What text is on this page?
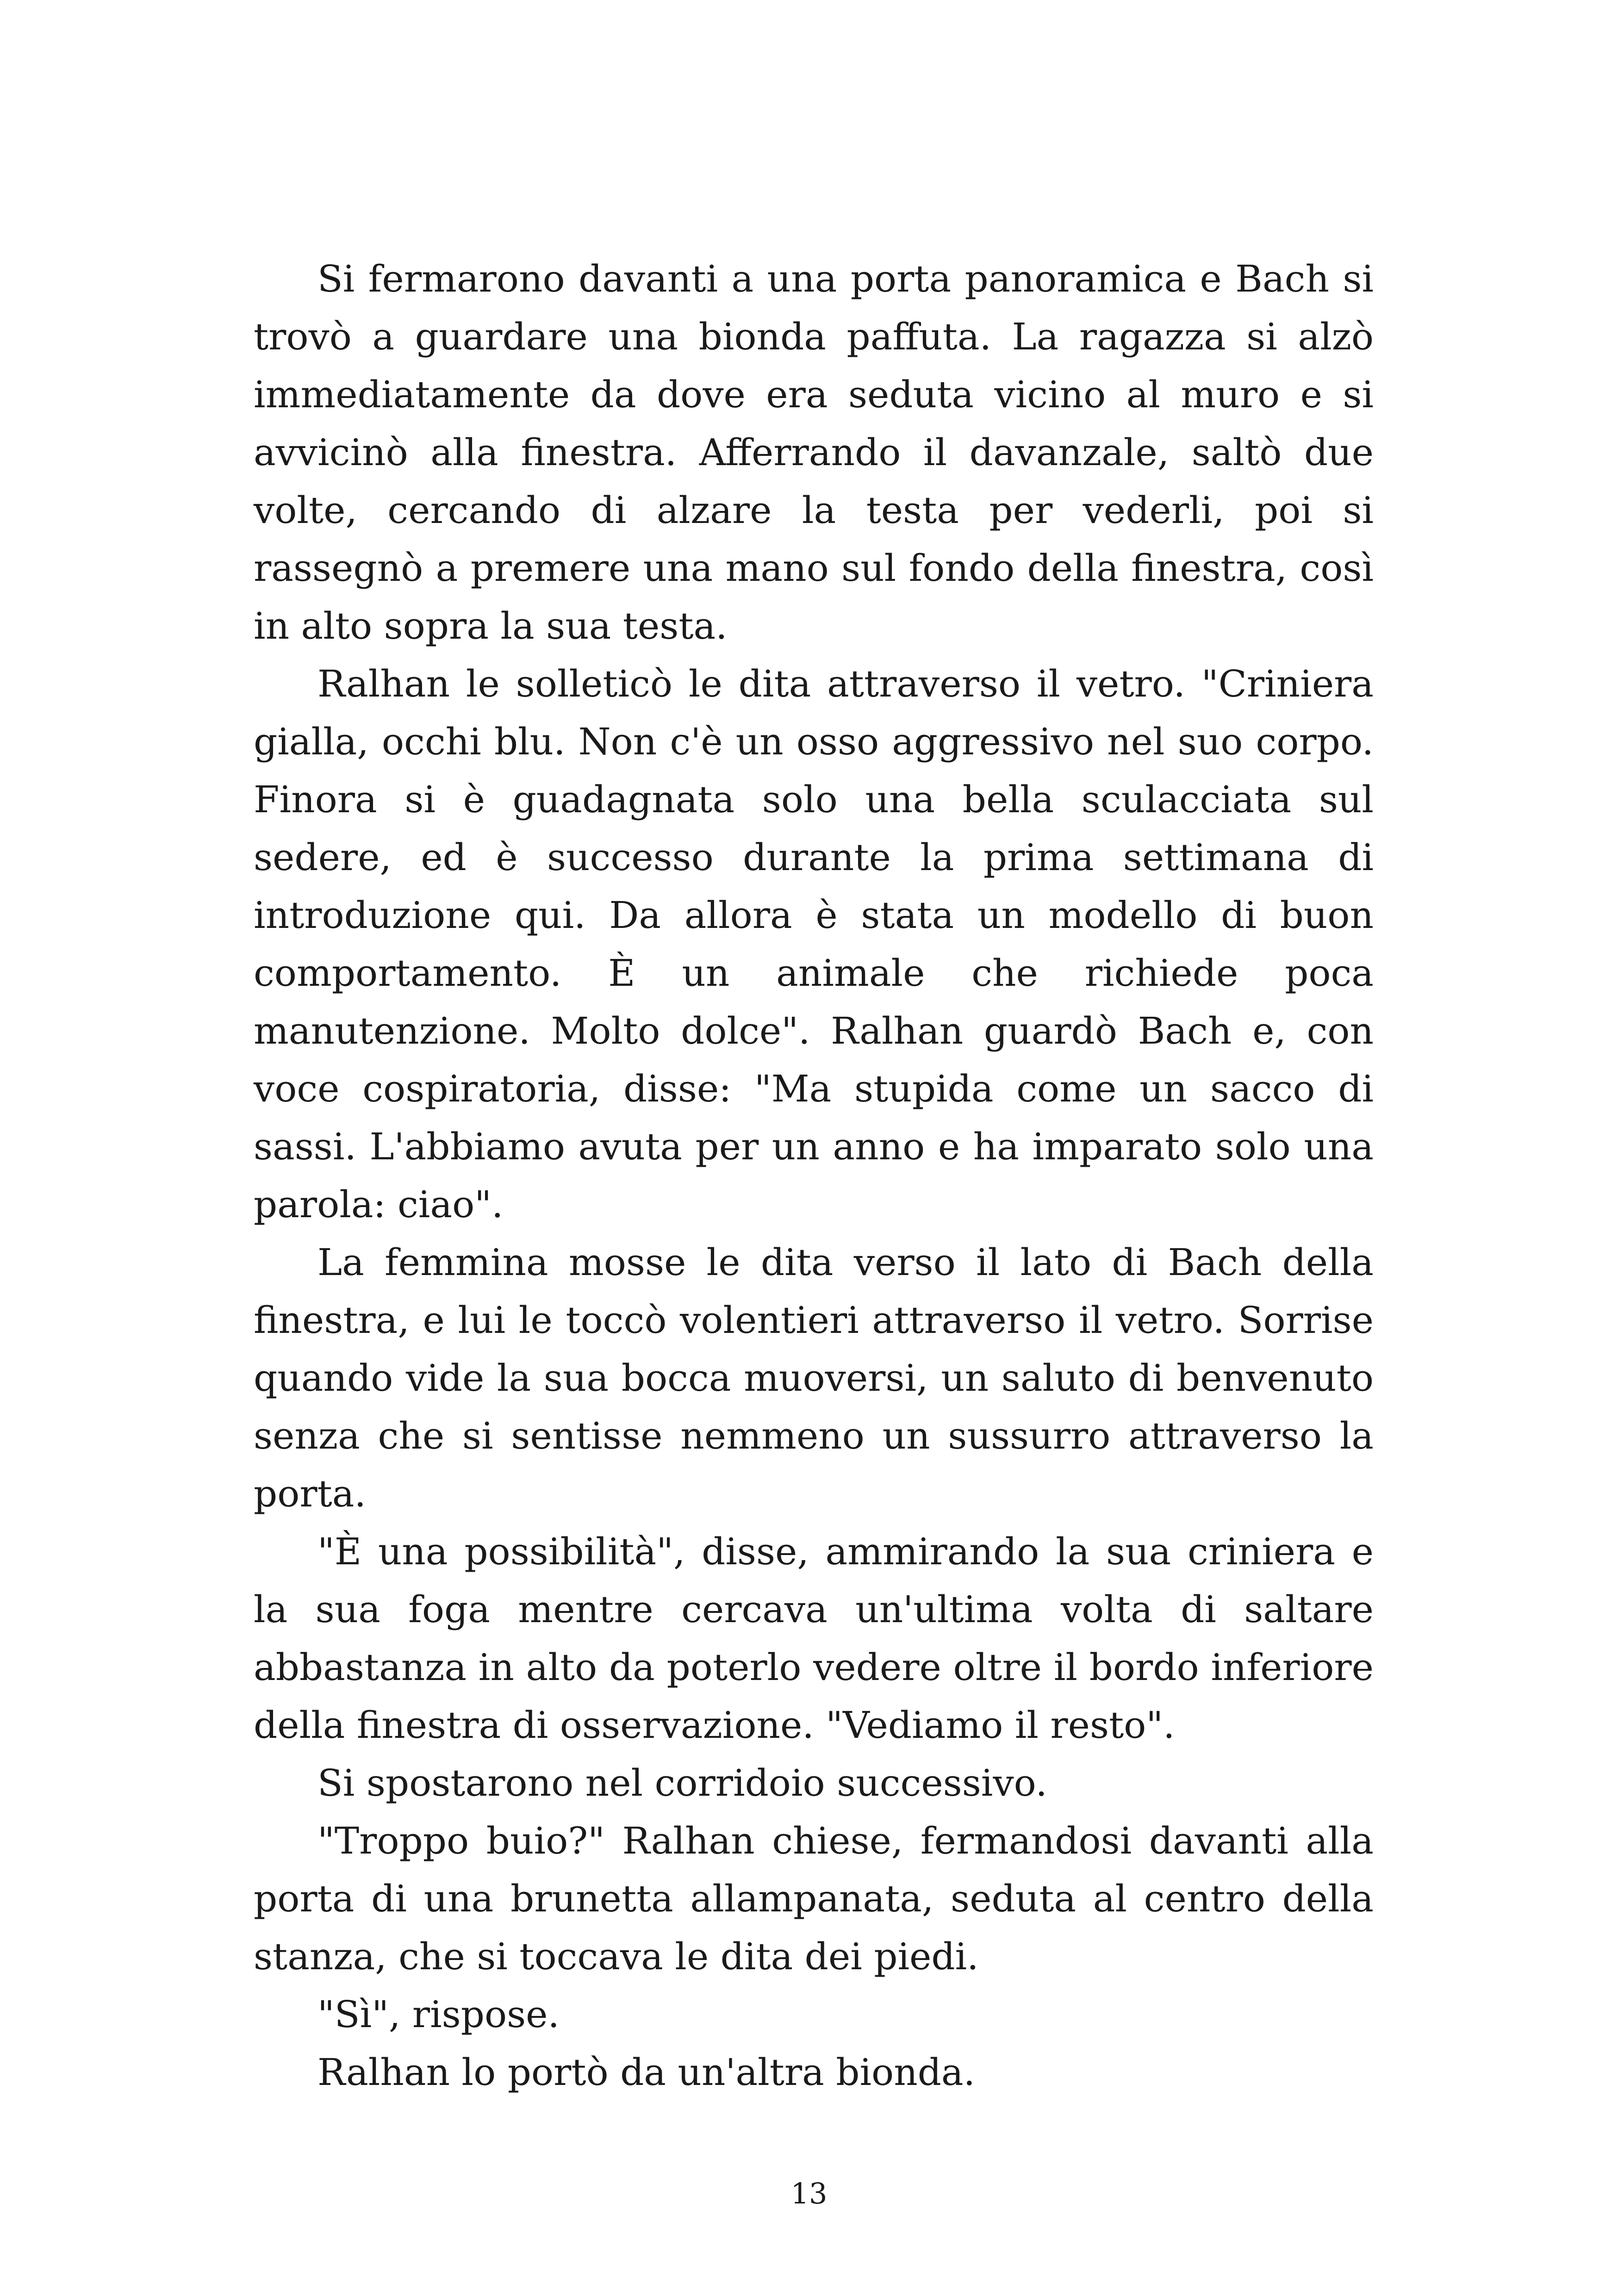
Si fermarono davanti a una porta panoramica e Bach si trovò a guardare una bionda paffuta. La ragazza si alzò immediatamente da dove era seduta vicino al muro e si avvicinò alla finestra. Afferrando il davanzale, saltò due volte, cercando di alzare la testa per vederli, poi si rassegnò a premere una mano sul fondo della finestra, così in alto sopra la sua testa.

Ralhan le solleticò le dita attraverso il vetro. "Criniera gialla, occhi blu. Non c'è un osso aggressivo nel suo corpo. Finora si è guadagnata solo una bella sculacciata sul sedere, ed è successo durante la prima settimana di introduzione qui. Da allora è stata un modello di buon comportamento. È un animale che richiede poca manutenzione. Molto dolce". Ralhan guardò Bach e, con voce cospiratoria, disse: "Ma stupida come un sacco di sassi. L'abbiamo avuta per un anno e ha imparato solo una parola: ciao".

La femmina mosse le dita verso il lato di Bach della finestra, e lui le toccò volentieri attraverso il vetro. Sorrise quando vide la sua bocca muoversi, un saluto di benvenuto senza che si sentisse nemmeno un sussurro attraverso la porta.

"È una possibilità", disse, ammirando la sua criniera e la sua foga mentre cercava un'ultima volta di saltare abbastanza in alto da poterlo vedere oltre il bordo inferiore della finestra di osservazione. "Vediamo il resto".

Si spostarono nel corridoio successivo.

"Troppo buio?" Ralhan chiese, fermandosi davanti alla porta di una brunetta allampanata, seduta al centro della stanza, che si toccava le dita dei piedi.

"Sì", rispose.

Ralhan lo portò da un'altra bionda.

13
